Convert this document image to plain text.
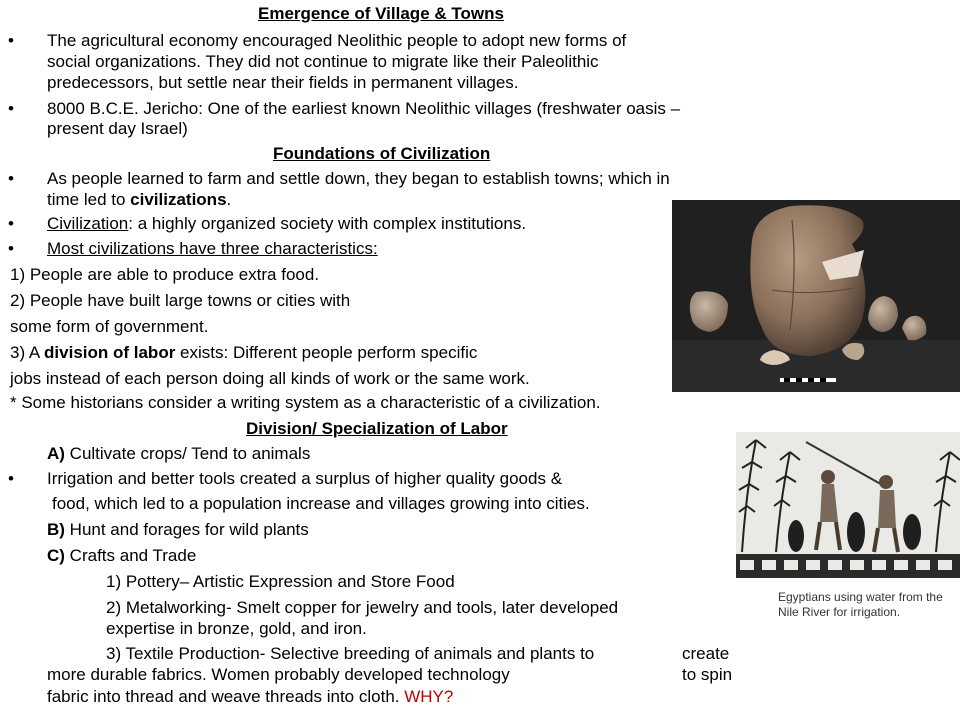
Emergence of Village & Towns
• The agricultural economy encouraged Neolithic people to adopt new forms of
social organizations. They did not continue to migrate like their Paleolithic
predecessors, but settle near their fields in permanent villages.
• 8000 B.C.E. Jericho: One of the earliest known Neolithic villages (freshwater oasis –
present day Israel)
Foundations of Civilization
• As people learned to farm and settle down, they began to establish towns; which in
time led to civilizations.
• Civilization: a highly organized society with complex institutions.
• Most civilizations have three characteristics:
1) People are able to produce extra food.
2) People have built large towns or cities with
some form of government.
3) A division of labor exists: Different people perform specific
jobs instead of each person doing all kinds of work or the same work.
* Some historians consider a writing system as a characteristic of a civilization.
Division/ Specialization of Labor
A) Cultivate crops/ Tend to animals
• Irrigation and better tools created a surplus of higher quality goods &
food, which led to a population increase and villages growing into cities.
B) Hunt and forages for wild plants
C) Crafts and Trade
1) Pottery– Artistic Expression and Store Food
2) Metalworking- Smelt copper for jewelry and tools, later developed
expertise in bronze, gold, and iron.
3) Textile Production- Selective breeding of animals and plants to	create
more durable fabrics. Women probably developed technology	to spin
fabric into thread and weave threads into cloth. WHY?
Egyptians using water from the Nile River for irrigation.
